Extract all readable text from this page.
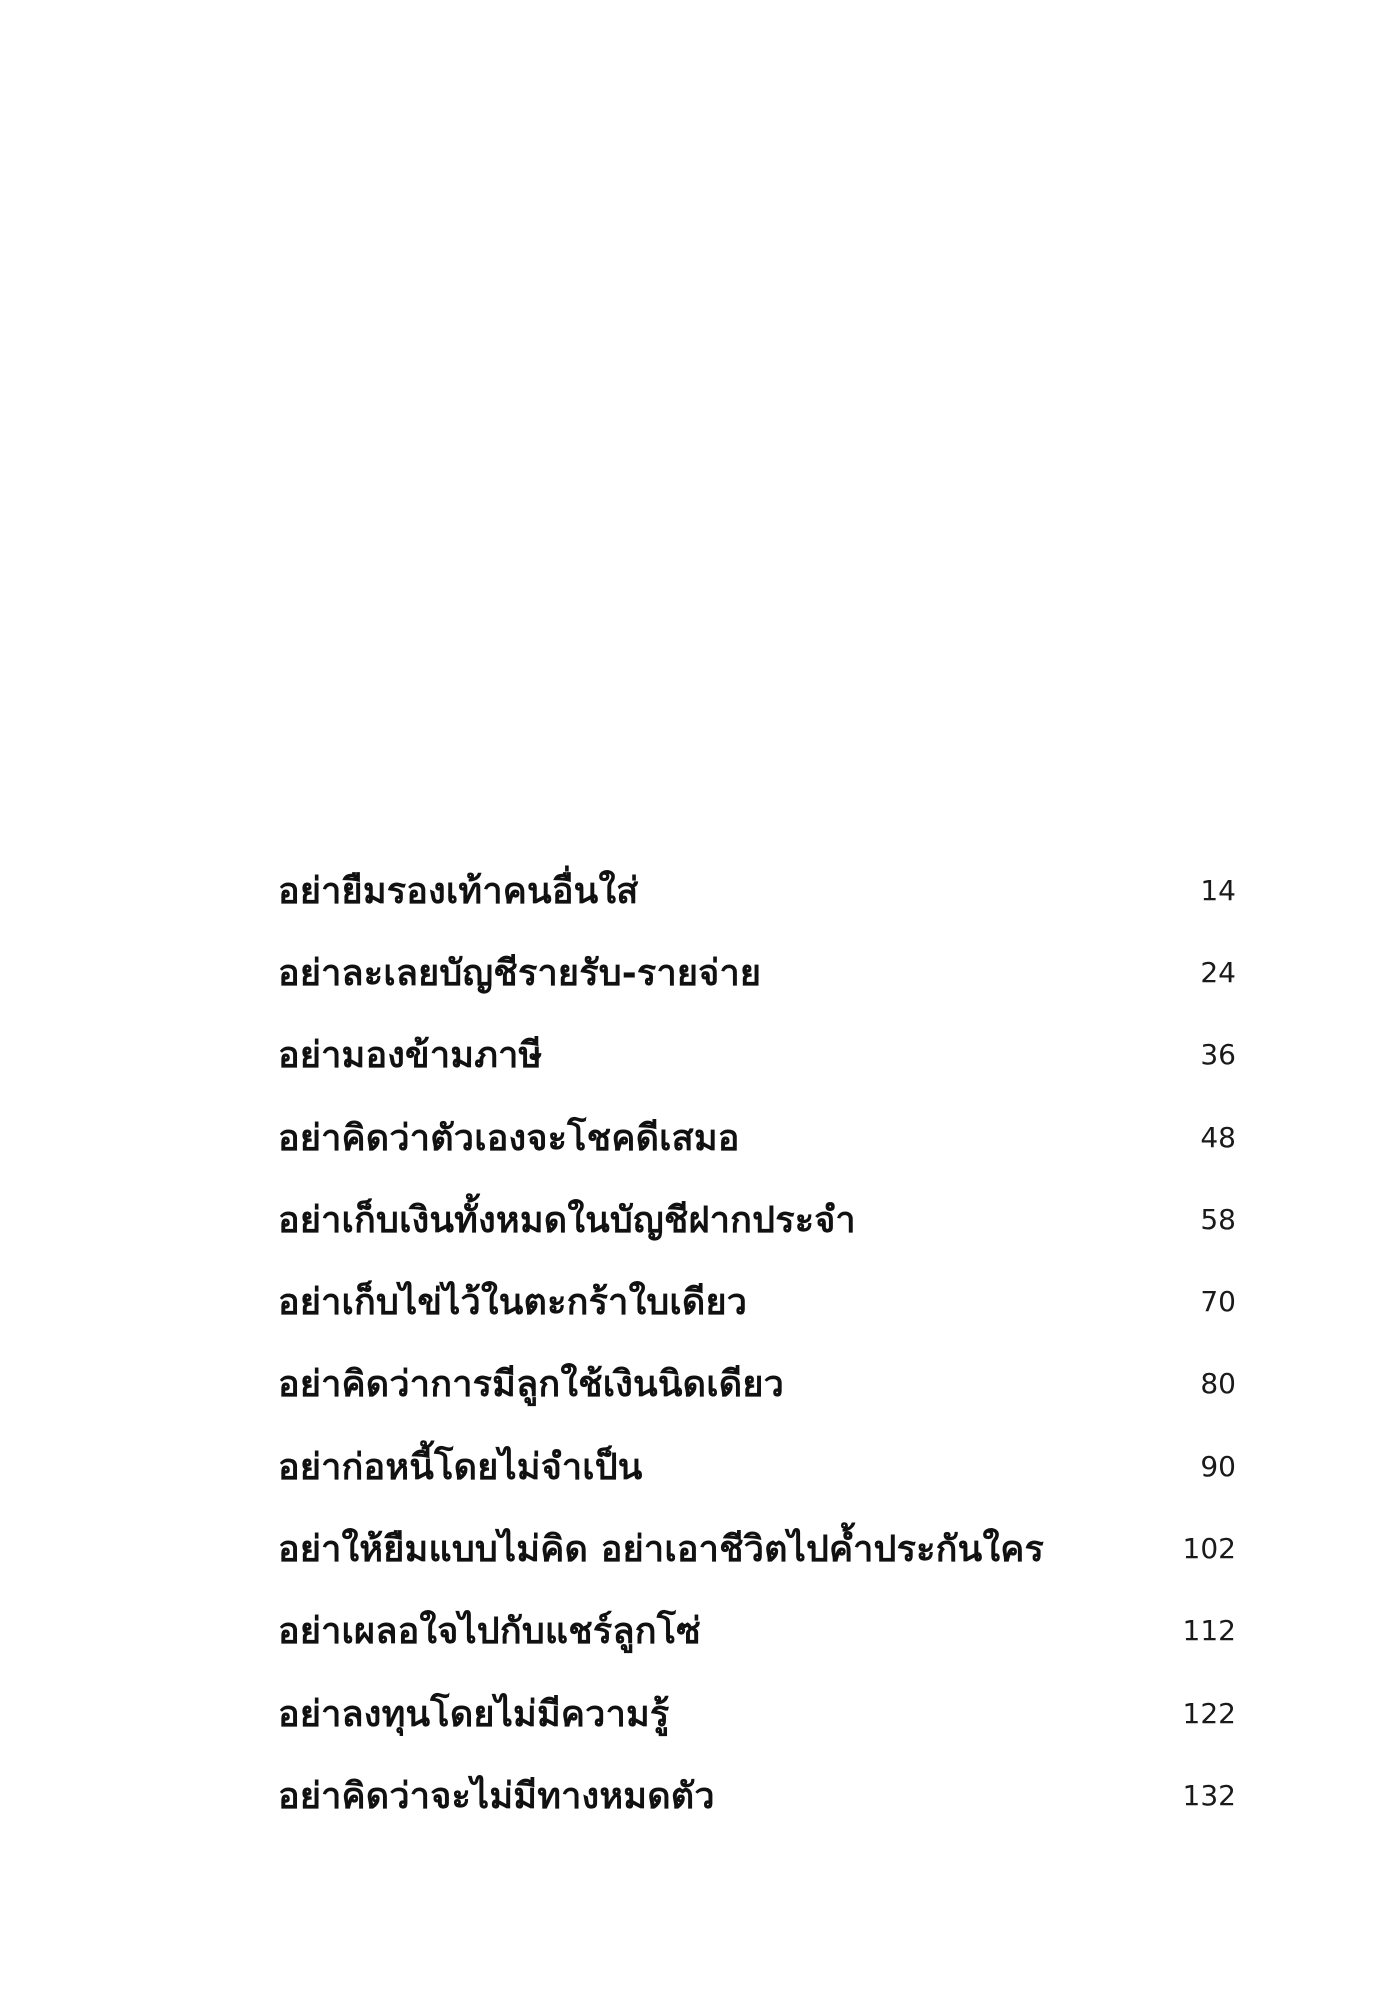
อย่ายืมรองเท้าคนอื่นใส่	14
อย่าละเลยบัญชีรายรับ-รายจ่าย	24
อย่ามองข้ามภาษี	36
อย่าคิดว่าตัวเองจะโชคดีเสมอ	48
อย่าเก็บเงินทั้งหมดในบัญชีฝากประจำ	58
อย่าเก็บไข่ไว้ในตะกร้าใบเดียว	70
อย่าคิดว่าการมีลูกใช้เงินนิดเดียว	80
อย่าก่อหนี้โดยไม่จำเป็น	90
อย่าให้ยืมแบบไม่คิด อย่าเอาชีวิตไปค้ำประกันใคร	102
อย่าเผลอใจไปกับแชร์ลูกโซ่	112
อย่าลงทุนโดยไม่มีความรู้	122
อย่าคิดว่าจะไม่มีทางหมดตัว	132
